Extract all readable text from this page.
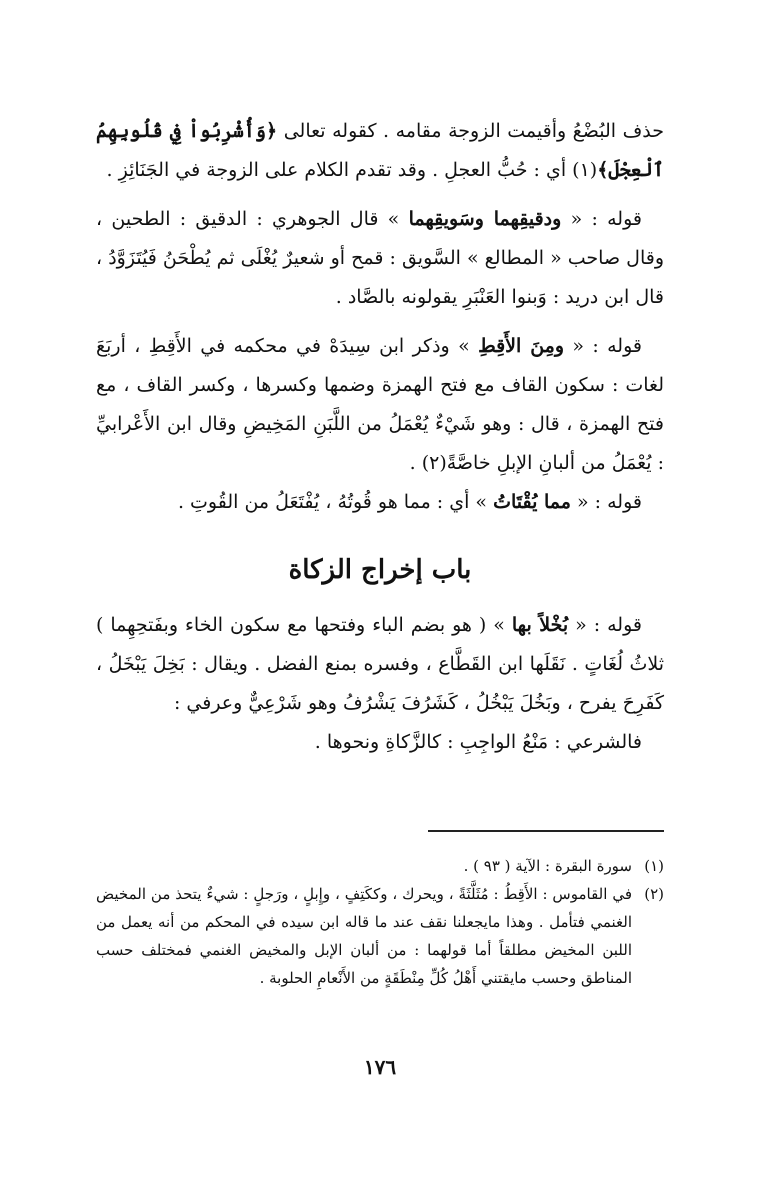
حذف البُضْعُ وأقيمت الزوجة مقامه . كقوله تعالى ﴿وَأُشْرِبُواْ فِي قُلُوبِهِمُ ٱلْعِجْلَ﴾(١) أي : حُبُّ العجلِ . وقد تقدم الكلام على الزوجة في الجَنَائِزِ .

قوله : « ودقيقِهما وسَويقِهما » قال الجوهري : الدقيق : الطحين ، وقال صاحب « المطالع » السَّويق : قمح أو شعيرٌ يُغْلَى ثم يُطْحَنُ فَيُتَزَوَّدُ ، قال ابن دريد : وَبنوا العَنْبَرِ يقولونه بالصَّاد .

قوله : « ومِنَ الأَقِطِ » وذكر ابن سِيدَهْ في محكمه في الأَقِطِ ، أربَعَ لغات : سكون القاف مع فتح الهمزة وضمها وكسرها ، وكسر القاف ، مع فتح الهمزة ، قال : وهو شَيْءٌ يُعْمَلُ من اللَّبَنِ المَخِيضِ وقال ابن الأَعْرابيِّ : يُعْمَلُ من ألبانِ الإبلِ خاصَّةً(٢) .

قوله : « مما يُقْتَاتُ » أي : مما هو قُوتُهُ ، يُفْتَعَلُ من القُوتِ .

باب إخراج الزكاة

قوله : « بُخْلاً بها » ( هو بضم الباء وفتحها مع سكون الخاء وبفَتحِهِما ) ثلاثُ لُغَاتٍ . نَقَلَها ابن القَطَّاع ، وفسره بمنع الفضل . ويقال : بَخِلَ يَبْخَلُ ، كَفَرِحَ يفرح ، وبَخُلَ يَبْخُلُ ، كَشَرُفَ يَشْرُفُ وهو شَرْعِيٌّ وعرفي :

فالشرعي : مَنْعُ الواجِبِ : كالزَّكاةِ ونحوها .

(١)
سورة البقرة : الآية ( ٩٣ ) .
(٢)
في القاموس : الأَقِطُ : مُثَلَّثَةً ، ويحرك ، وككَتِفٍ ، وإِبلٍ ، ورَجلٍ : شيءٌ يتحذ من المخيض الغنمي فتأمل . وهذا مايجعلنا نقف عند ما قاله ابن سيده في المحكم من أنه يعمل من اللبن المخيض مطلقاً أما قولهما : من ألبان الإبل والمخيض الغنمي فمختلف حسب المناطق وحسب مايقتني أَهْلُ كُلِّ مِنْطَقَةٍ من الأَنْعامِ الحلوبة .
١٧٦
